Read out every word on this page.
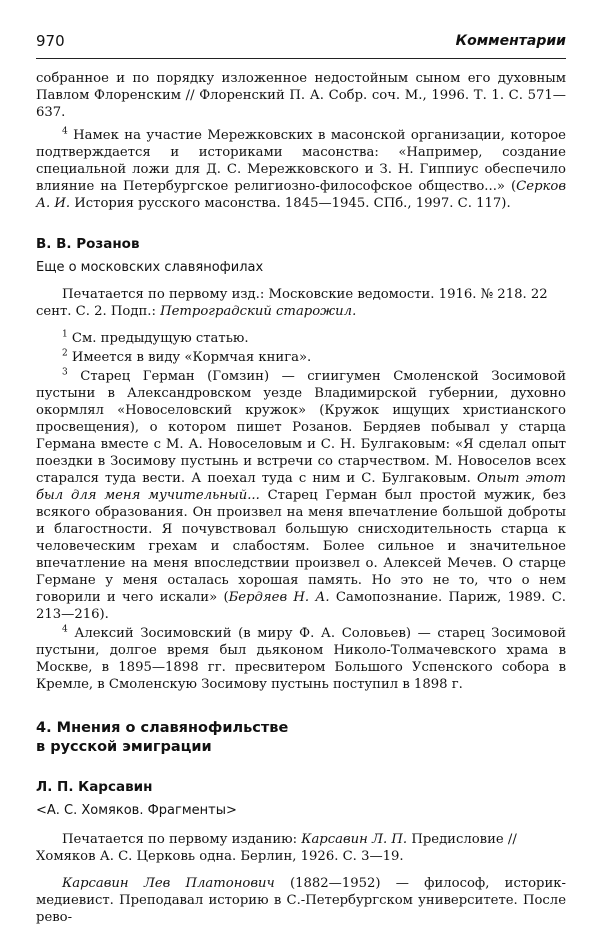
970	Комментарии

собранное и по порядку изложенное недостойным сыном его духовным Павлом Флоренским // Флоренский П. А. Собр. соч. М., 1996. Т. 1. С. 571—637.

$^4$ Намек на участие Мережковских в масонской организации, которое подтверждается и историками масонства: «Например, создание специальной ложи для Д. С. Мережковского и З. Н. Гиппиус обеспечило влияние на Петербургское религиозно-философское общество...» (Серков А. И. История русского масонства. 1845—1945. СПб., 1997. С. 117).

В. В. Розанов

Еще о московских славянофилах

Печатается по первому изд.: Московские ведомости. 1916. № 218. 22 сент. С. 2. Подп.: Петроградский старожил.

$^1$ См. предыдущую статью.

$^2$ Имеется в виду «Кормчая книга».

$^3$ Старец Герман (Гомзин) — сгиигумен Смоленской Зосимовой пустыни в Александровском уезде Владимирской губернии, духовно окормлял «Новоселовский кружок» (Кружок ищущих христианского просвещения), о котором пишет Розанов. Бердяев побывал у старца Германа вместе с М. А. Новоселовым и С. Н. Булгаковым: «Я сделал опыт поездки в Зосимову пустынь и встречи со старчеством. М. Новоселов всех старался туда вести. А поехал туда с ним и С. Булгаковым. Опыт этот был для меня мучительный... Старец Герман был простой мужик, без всякого образования. Он произвел на меня впечатление большой доброты и благостности. Я почувствовал большую снисходительность старца к человеческим грехам и слабостям. Более сильное и значительное впечатление на меня впоследствии произвел о. Алексей Мечев. О старце Германе у меня осталась хорошая память. Но это не то, что о нем говорили и чего искали» (Бердяев Н. А. Самопознание. Париж, 1989. С. 213—216).

$^4$ Алексий Зосимовский (в миру Ф. А. Соловьев) — старец Зосимовой пустыни, долгое время был дьяконом Николо-Толмачевского храма в Москве, в 1895—1898 гг. пресвитером Большого Успенского собора в Кремле, в Смоленскую Зосимову пустынь поступил в 1898 г.

4. Мнения о славянофильстве

в русской эмиграции

Л. П. Карсавин

<А. С. Хомяков. Фрагменты>

Печатается по первому изданию: Карсавин Л. П. Предисловие // Хомяков А. С. Церковь одна. Берлин, 1926. С. 3—19.

Карсавин Лев Платонович (1882—1952) — философ, историк-медиевист. Преподавал историю в С.-Петербургском университете. После рево-
